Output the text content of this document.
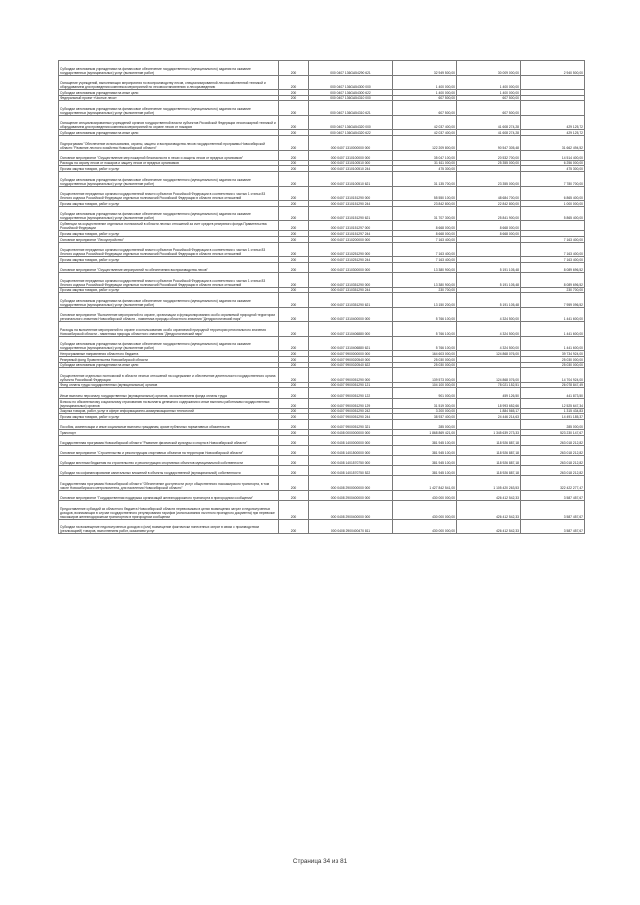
Субсидии автономным учреждениям на финансовое обеспечение государственного (муниципального) задания на оказание государственных (муниципальных) услуг (выполнение работ)	200	000 0407 136GA54290 621	32 949 500,00	30 009 000,00	2 940 500,00
Оснащение учреждений, выполняющих мероприятия по воспроизводству лесов, специализированной лесохозяйственной техникой и оборудованием для проведения комплекса мероприятий по лесовосстановлению и лесоразведению	200	000 0407 136GA54300 000	1 400 000,00	1 400 000,00	
Субсидии автономным учреждениям на иные цели	200	000 0407 136GA54300 622	1 400 000,00	1 400 000,00	
Федеральный проект «Чистые леса»	200	000 0407 136GA54310 000	607 500,00	607 500,00	
Субсидии автономным учреждениям на финансовое обеспечение государственного (муниципального) задания на оказание государственных (муниципальных) услуг (выполнение работ)	200	000 0407 136GA54310 621	607 500,00	607 500,00	
Оснащение специализированных учреждений органов государственной власти субъектов Российской Федерации лесопожарной техникой и оборудованием для проведения комплекса мероприятий по охране лесов от пожаров	200	000 0407 136GA54320 000	42 037 400,00	41 608 274,28	429 125,72
Субсидии автономным учреждениям на иные цели	200	000 0407 136GA54320 622	42 037 400,00	41 608 274,28	429 125,72
Подпрограмма "Обеспечение использования, охраны, защиты и воспроизводства лесов государственной программы Новосибирской области "Развитие лесного хозяйства Новосибирской области"	200	000 0407 1310000000 000	122 209 800,00	90 547 305,48	31 662 494,52
Основное мероприятие "Осуществление мер пожарной безопасности в лесах и защиты лесов от вредных организмов"	200	000 0407 1310100000 000	35 047 100,00	20 532 700,00	14 514 400,00
Расходы на охрану лесов от пожаров и защиту лесов от вредных организмов	200	000 0407 1310100510 000	31 611 000,00	25 355 000,00	6 256 000,00
Прочая закупка товаров, работ и услуг	200	000 0407 1310100510 244	475 300,00		475 300,00
Субсидии автономным учреждениям на финансовое обеспечение государственного (муниципального) задания на оказание государственных (муниципальных) услуг (выполнение работ)	200	000 0407 1310100510 621	31 135 700,00	23 355 000,00	7 780 700,00
Осуществление переданных органам государственной власти субъектов Российской Федерации в соответствии с частью 1 статьи 83 Лесного кодекса Российской Федерации отдельных полномочий Российской Федерации в области лесных отношений	200	000 0407 1310151290 000	55 550 100,00	48 684 700,00	6 865 400,00
Прочая закупка товаров, работ и услуг	200	000 0407 1310151290 244	23 842 800,00	22 842 800,00	1 000 000,00
Субсидии автономным учреждениям на финансовое обеспечение государственного (муниципального) задания на оказание государственных (муниципальных) услуг (выполнение работ)	200	000 0407 1310151290 621	31 707 300,00	25 841 900,00	5 865 400,00
Субвенции на осуществление отдельных полномочий в области лесных отношений за счет средств резервного фонда Правительства Российской Федерации	200	000 0407 1310151297 000	8 668 000,00	8 668 000,00	
Прочая закупка товаров, работ и услуг	200	000 0407 1310151297 244	8 668 000,00	8 668 000,00	
Основное мероприятие "Лесоустройство"	200	000 0407 1310200000 000	7 163 400,00		7 163 400,00
Осуществление переданных органам государственной власти субъектов Российской Федерации в соответствии с частью 1 статьи 83 Лесного кодекса Российской Федерации отдельных полномочий Российской Федерации в области лесных отношений	200	000 0407 1310251290 000	7 163 400,00		7 163 400,00
Прочая закупка товаров, работ и услуг	200	000 0407 1310251290 244	7 163 400,00		7 163 400,00
Основное мероприятие "Осуществление мероприятий по обеспечению воспроизводства лесов"	200	000 0407 1310300000 000	13 380 900,00	5 191 105,48	8 089 696,52
Осуществление переданных органам государственной власти субъектов Российской Федерации в соответствии с частью 1 статьи 83 Лесного кодекса Российской Федерации отдельных полномочий Российской Федерации в области лесных отношений	200	000 0407 1310351290 000	13 380 900,00	5 191 105,48	8 089 696,52
Прочая закупка товаров, работ и услуг	200	000 0407 1310351290 244	230 700,00		230 700,00
Субсидии автономным учреждениям на финансовое обеспечение государственного (муниципального) задания на оказание государственных (муниципальных) услуг (выполнение работ)	200	000 0407 1310351290 621	13 150 200,00	5 191 105,48	7 959 096,52
Основное мероприятие "Выполнение мероприятий по охране, организации и функционированию особо охраняемой природной территории регионального значения Новосибирской области - памятника природы областного значения "Дендрологический парк"	200	000 0407 1310400000 000	5 766 100,00	4 324 500,00	1 441 600,00
Расходы на выполнение мероприятий по охране и использованию особо охраняемой природной территории регионального значения Новосибирской области - памятника природы областного значения "Дендрологический парк"	200	000 0407 1310406880 000	5 766 100,00	4 324 500,00	1 441 600,00
Субсидии автономным учреждениям на финансовое обеспечение государственного (муниципального) задания на оказание государственных (муниципальных) услуг (выполнение работ)	200	000 0407 1310406880 621	5 766 100,00	4 324 500,00	1 441 600,00
Непрограммные направления областного бюджета	200	000 0407 9900000000 000	164 603 000,00	124 868 076,00	39 734 924,00
Резервный фонд Правительства Новосибирской области	200	000 0407 9900020540 000	25 030 000,00		25 030 000,00
Субсидии автономным учреждениям на иные цели	200	000 0407 9900020540 622	25 030 000,00		25 030 000,00
Осуществление отдельных полномочий в области лесных отношений на содержание и обеспечение деятельности государственного органа субъекта Российской Федерации	200	000 0407 9900051290 000	139 573 000,00	124 868 076,00	14 704 924,00
Фонд оплаты труда государственных (муниципальных) органов	200	000 0407 9900051290 121	104 100 000,00	78 021 152,51	26 078 847,49
Иные выплаты персоналу государственных (муниципальных) органов, за исключением фонда оплаты труда	200	000 0407 9900051290 122	901 000,00	459 126,50	441 873,50
Взносы по обязательному социальному страхованию на выплаты денежного содержания и иные выплаты работникам государственных (муниципальных) органов	200	000 0407 9900051290 129	31 519 300,00	18 993 652,66	12 525 647,34
Закупка товаров, работ, услуг в сфере информационно-коммуникационных технологий	200	000 0407 9900051290 242	3 200 000,00	1 884 565,17	1 315 434,83
Прочая закупка товаров, работ и услуг	200	000 0407 9900051290 244	38 937 400,00	24 446 214,63	14 491 185,37
Пособия, компенсации и иные социальные выплаты гражданам, кроме публичных нормативных обязательств	200	000 0407 9900051290 321	285 000,00		285 000,00
Транспорт	200	000 0408 0000000000 000	1 868 869 421,00	1 345 639 273,33	523 230 147,67
Государственная программа Новосибирской области "Развитие физической культуры и спорта в Новосибирской области"	200	000 0408 1400000000 000	381 945 100,00	118 926 887,18	263 018 212,82
Основное мероприятие "Строительство и реконструкция спортивных объектов на территории Новосибирской области"	200	000 0408 1401500000 000	381 945 100,00	118 926 887,18	263 018 212,82
Субсидии местным бюджетам на строительство и реконструкцию спортивных объектов муниципальной собственности	200	000 0408 1401570750 000	381 945 100,00	118 926 887,18	263 018 212,82
Субсидии на софинансирование капитальных вложений в объекты государственной (муниципальной) собственности	200	000 0408 1401570750 522	381 945 100,00	118 926 887,18	263 018 212,82
Государственная программа Новосибирской области "Обеспечение доступности услуг общественного пассажирского транспорта, в том числе Новосибирского метрополитена, для населения Новосибирской области"	200	000 0408 2900000000 000	1 427 842 541,00	1 105 420 263,53	322 422 277,47
Основное мероприятие "Государственная поддержка организаций железнодорожного транспорта в пригородном сообщении"	200	000 0408 2900400000 000	430 000 000,00	426 412 542,33	3 587 457,67
Предоставление субсидий из областного бюджета Новосибирской области перевозчикам в целях возмещения затрат и недополученных доходов, возникающих в случае государственного регулирования тарифов (использования льготного проездного документа) при перевозке пассажиров железнодорожным транспортом в пригородном сообщении	200	000 0408 2900400000 000	430 000 000,00	426 412 542,33	3 587 457,67
Субсидии на возмещение недополученных доходов и (или) возмещение фактически понесенных затрат в связи с производством (реализацией) товаров, выполнением работ, оказанием услуг	200	000 0408 2900400470 811	430 000 000,00	426 412 542,33	3 587 457,67
Страница 34 из 81
